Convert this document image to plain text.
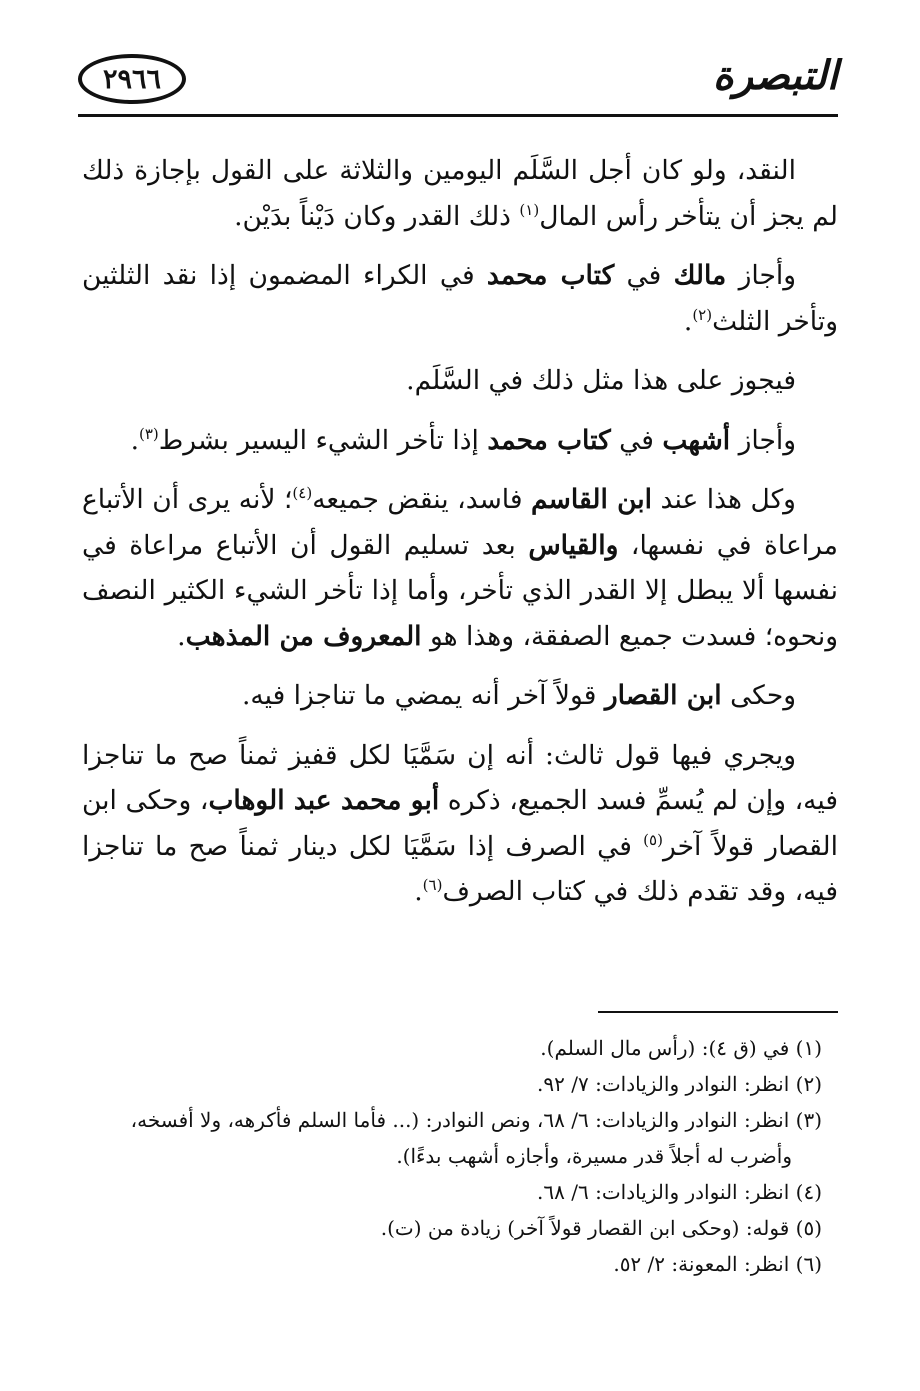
التبصرة
٢٩٦٦

النقد، ولو كان أجل السَّلَم اليومين والثلاثة على القول بإجازة ذلك لم يجز أن يتأخر رأس المال$^{(١)}$ ذلك القدر وكان دَيْناً بدَيْن.

وأجاز مالك في كتاب محمد في الكراء المضمون إذا نقد الثلثين وتأخر الثلث$^{(٢)}$.

فيجوز على هذا مثل ذلك في السَّلَم.

وأجاز أشهب في كتاب محمد إذا تأخر الشيء اليسير بشرط$^{(٣)}$.

وكل هذا عند ابن القاسم فاسد، ينقض جميعه$^{(٤)}$؛ لأنه يرى أن الأتباع مراعاة في نفسها، والقياس بعد تسليم القول أن الأتباع مراعاة في نفسها ألا يبطل إلا القدر الذي تأخر، وأما إذا تأخر الشيء الكثير النصف ونحوه؛ فسدت جميع الصفقة، وهذا هو المعروف من المذهب.

وحكى ابن القصار قولاً آخر أنه يمضي ما تناجزا فيه.

ويجري فيها قول ثالث: أنه إن سَمَّيَا لكل قفيز ثمناً صح ما تناجزا فيه، وإن لم يُسمِّ فسد الجميع، ذكره أبو محمد عبد الوهاب، وحكى ابن القصار قولاً آخر$^{(٥)}$ في الصرف إذا سَمَّيَا لكل دينار ثمناً صح ما تناجزا فيه، وقد تقدم ذلك في كتاب الصرف$^{(٦)}$.

(١) في (ق ٤): (رأس مال السلم).

(٢) انظر: النوادر والزيادات: ٧/ ٩٢.

(٣) انظر: النوادر والزيادات: ٦/ ٦٨، ونص النوادر: (... فأما السلم فأكرهه، ولا أفسخه،

وأضرب له أجلاً قدر مسيرة، وأجازه أشهب بدءًا).

(٤) انظر: النوادر والزيادات: ٦/ ٦٨.

(٥) قوله: (وحكى ابن القصار قولاً آخر) زيادة من (ت).

(٦) انظر: المعونة: ٢/ ٥٢.
